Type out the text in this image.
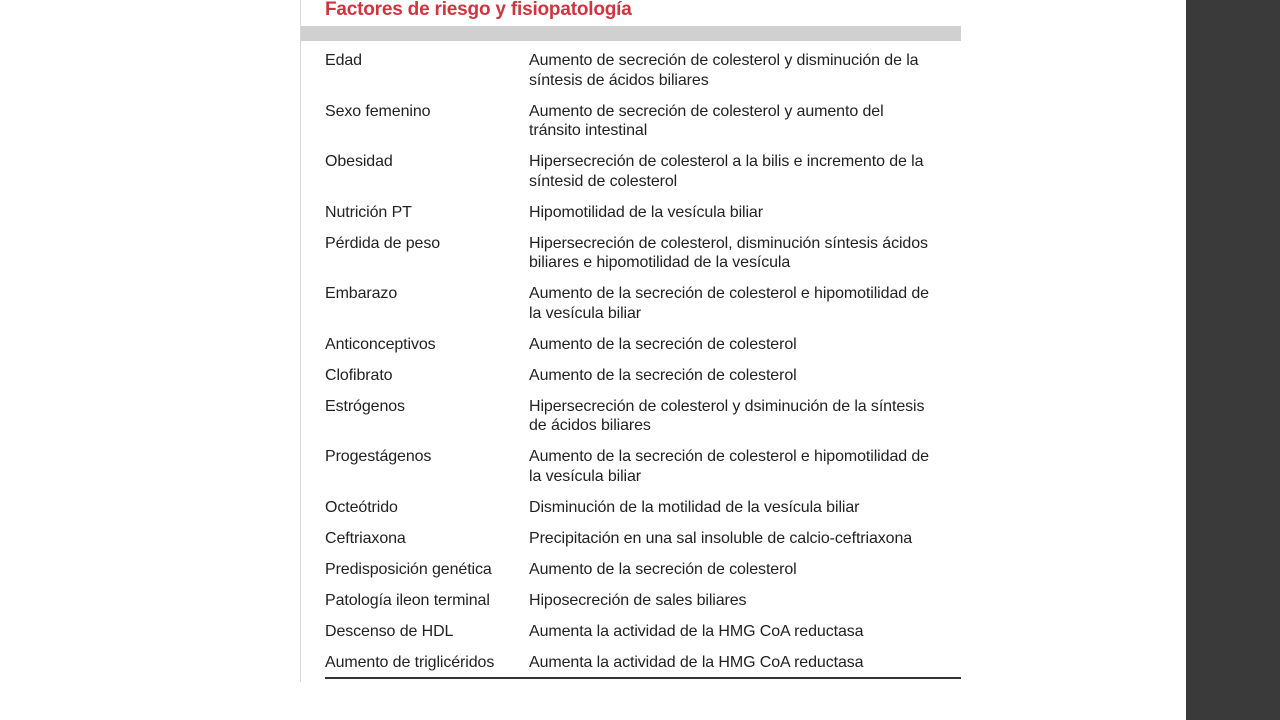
Factores de riesgo y fisiopatología
Edad	Aumento de secreción de colesterol y disminución de la
síntesis de ácidos biliares
Sexo femenino	Aumento de secreción de colesterol y aumento del
tránsito intestinal
Obesidad	Hipersecreción de colesterol a la bilis e incremento de la
síntesid de colesterol
Nutrición PT	Hipomotilidad de la vesícula biliar
Pérdida de peso	Hipersecreción de colesterol, disminución síntesis ácidos
biliares e hipomotilidad de la vesícula
Embarazo	Aumento de la secreción de colesterol e hipomotilidad de
la vesícula biliar
Anticonceptivos	Aumento de la secreción de colesterol
Clofibrato	Aumento de la secreción de colesterol
Estrógenos	Hipersecreción de colesterol y dsiminución de la síntesis
de ácidos biliares
Progestágenos	Aumento de la secreción de colesterol e hipomotilidad de
la vesícula biliar
Octeótrido	Disminución de la motilidad de la vesícula biliar
Ceftriaxona	Precipitación en una sal insoluble de calcio-ceftriaxona
Predisposición genética	Aumento de la secreción de colesterol
Patología ileon terminal	Hiposecreción de sales biliares
Descenso de HDL	Aumenta la actividad de la HMG CoA reductasa
Aumento de triglicéridos	Aumenta la actividad de la HMG CoA reductasa
